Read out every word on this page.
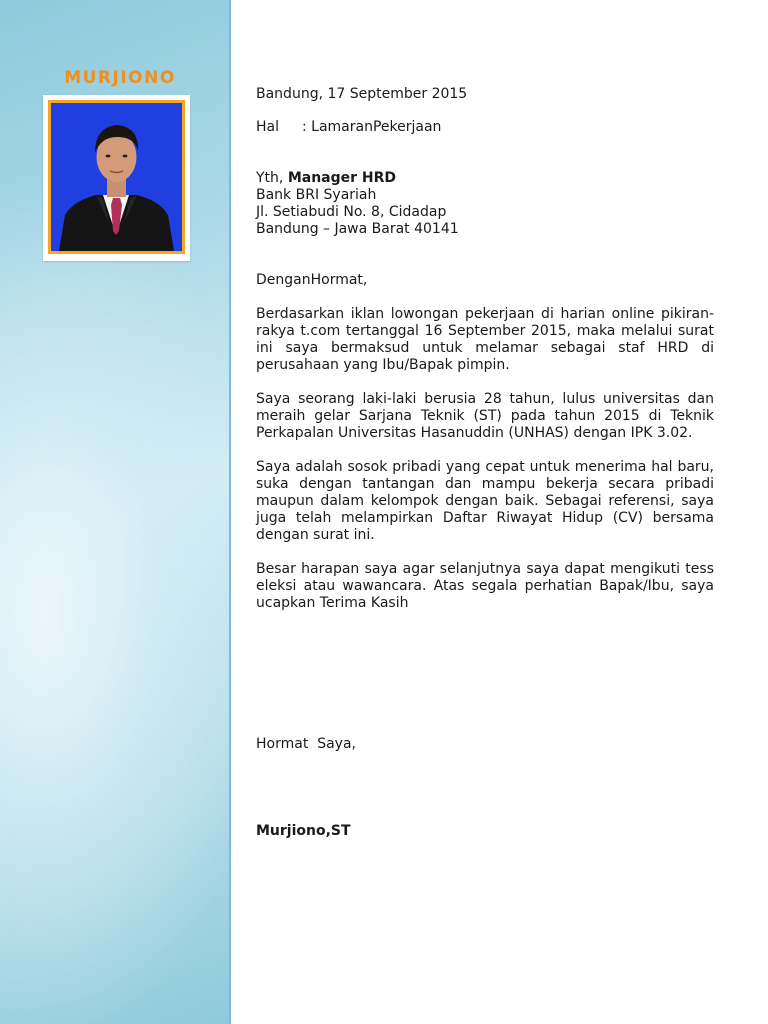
MURJIONO

Bandung, 17 September 2015

Hal	: LamaranPekerjaan

Yth, Manager HRD

Bank BRI Syariah

Jl. Setiabudi No. 8, Cidadap

Bandung – Jawa Barat 40141

DenganHormat,

Berdasarkan iklan lowongan pekerjaan di harian online pikiran-rakya t.com tertanggal 16 September 2015, maka melalui surat ini saya bermaksud untuk melamar sebagai staf HRD di perusahaan yang Ibu/Bapak pimpin.

Saya seorang laki-laki berusia 28 tahun, lulus universitas dan meraih gelar Sarjana Teknik (ST) pada tahun 2015 di Teknik Perkapalan Universitas Hasanuddin (UNHAS) dengan IPK 3.02.

Saya adalah sosok pribadi yang cepat untuk menerima hal baru, suka dengan tantangan dan mampu bekerja secara pribadi maupun dalam kelompok dengan baik. Sebagai referensi, saya juga telah melampirkan Daftar Riwayat Hidup (CV) bersama dengan surat ini.

Besar harapan saya agar selanjutnya saya dapat mengikuti tess eleksi atau wawancara. Atas segala perhatian Bapak/Ibu, saya ucapkan Terima Kasih

Hormat  Saya,

Murjiono,ST
